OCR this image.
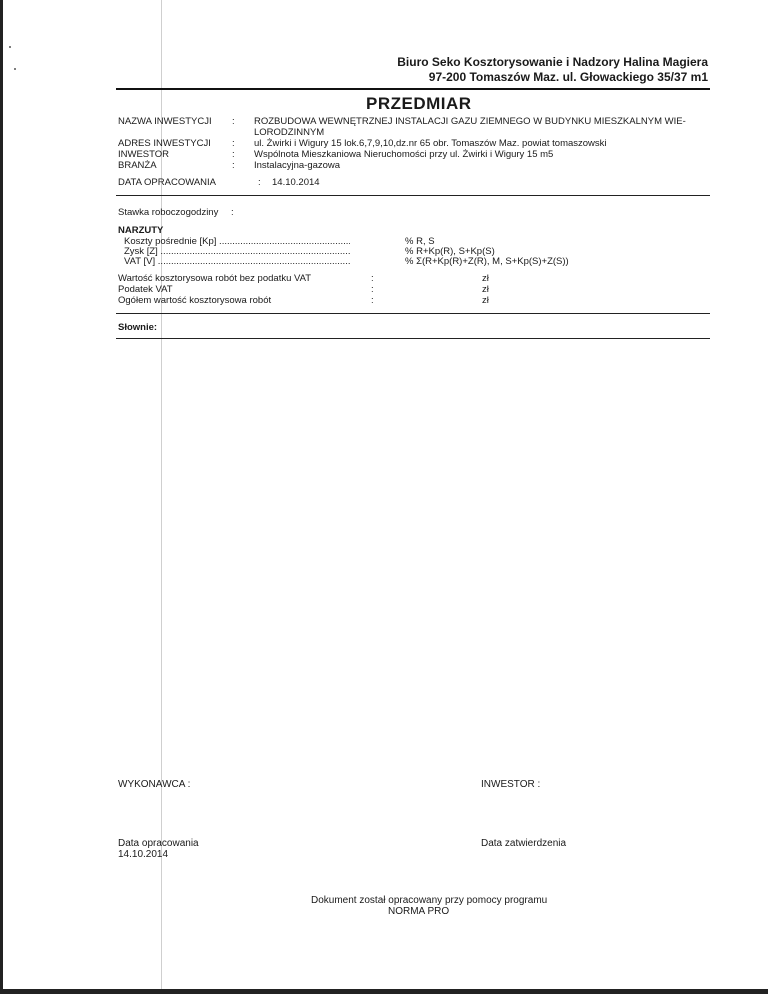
Biuro Seko Kosztorysowanie i Nadzory Halina Magiera
97-200 Tomaszów Maz. ul. Głowackiego 35/37 m1
PRZEDMIAR
NAZWA INWESTYCJI : ROZBUDOWA WEWNĘTRZNEJ INSTALACJI GAZU ZIEMNEGO W BUDYNKU MIESZKALNYM WIE-
LORODZINNYM
ADRES INWESTYCJI : ul. Żwirki i Wigury 15 lok.6,7,9,10,dz.nr 65 obr. Tomaszów Maz. powiat tomaszowski
INWESTOR	: Wspólnota Mieszkaniowa Nieruchomości przy ul. Żwirki i Wigury 15 m5
BRANŻA	: Instalacyjna-gazowa
DATA OPRACOWANIA	: 14.10.2014
Stawka roboczogodziny :
NARZUTY
Koszty pośrednie [Kp] .....	% R, S
Zysk [Z] .....	% R+Kp(R), S+Kp(S)
VAT [V] .....	% Σ(R+Kp(R)+Z(R), M, S+Kp(S)+Z(S))
Wartość kosztorysowa robót bez podatku VAT	:	zł
Podatek VAT	:	zł
Ogółem wartość kosztorysowa robót	:	zł
Słownie:
WYKONAWCA :	INWESTOR :
Data opracowania
14.10.2014
Data zatwierdzenia
Dokument został opracowany przy pomocy programu
NORMA PRO
